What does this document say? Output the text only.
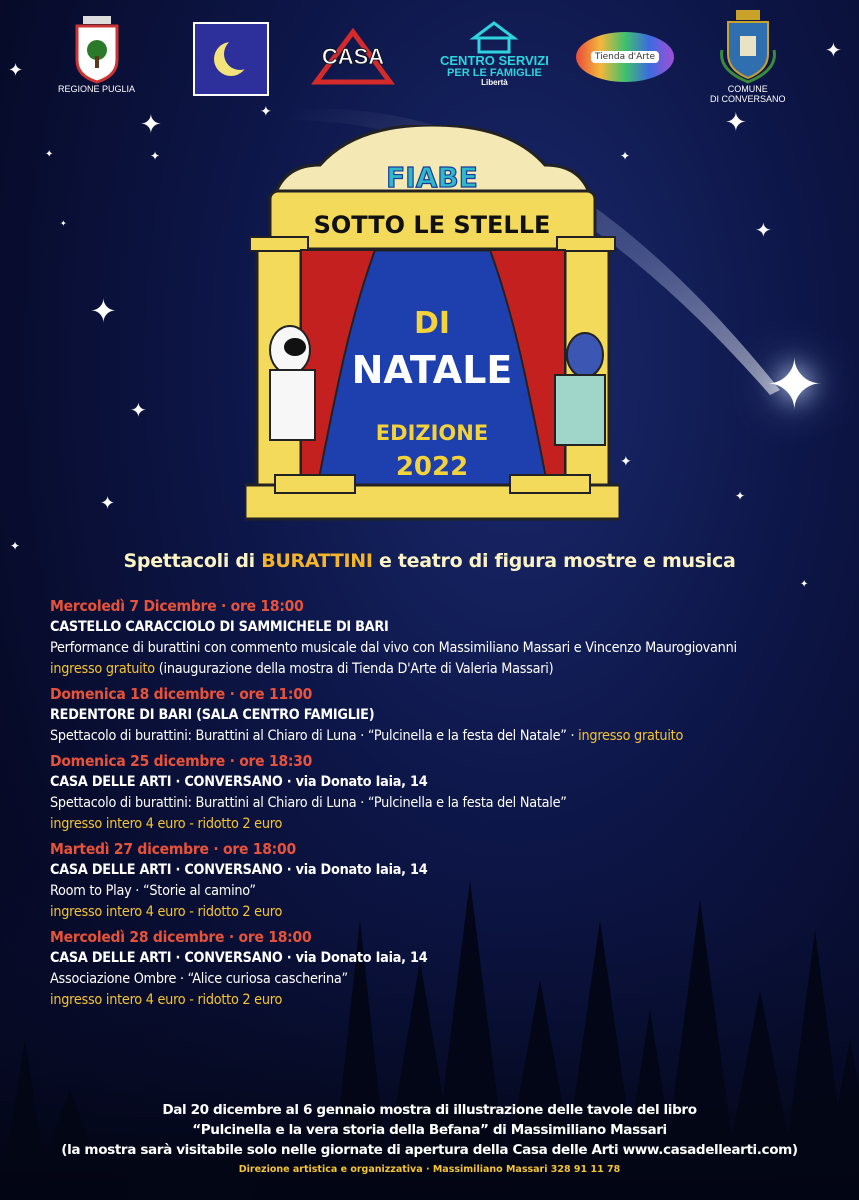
✦
✦	✦
✦	✦
✦
✦
✦
✦
✦
✦
✦
✦
✦
✦
✦
✦
✦
REGIONE PUGLIA
CASA	CENTRO SERVIZI
PER LE FAMIGLIE
Libertà
Tienda d'Arte
COMUNE
DI CONVERSANO
FIABE
SOTTO LE STELLE
DI
NATALE
EDIZIONE
2022
Spettacoli di BURATTINI e teatro di figura mostre e musica
Mercoledì 7 Dicembre · ore 18:00
CASTELLO CARACCIOLO DI SAMMICHELE DI BARI
Performance di burattini con commento musicale dal vivo con Massimiliano Massari e Vincenzo Maurogiovanni
ingresso gratuito (inaugurazione della mostra di Tienda D'Arte di Valeria Massari)
Domenica 18 dicembre · ore 11:00
REDENTORE DI BARI (SALA CENTRO FAMIGLIE)
Spettacolo di burattini: Burattini al Chiaro di Luna · “Pulcinella e la festa del Natale” · ingresso gratuito
Domenica 25 dicembre · ore 18:30
CASA DELLE ARTI · CONVERSANO · via Donato Iaia, 14
Spettacolo di burattini: Burattini al Chiaro di Luna · “Pulcinella e la festa del Natale”
ingresso intero 4 euro - ridotto 2 euro
Martedì 27 dicembre · ore 18:00
CASA DELLE ARTI · CONVERSANO · via Donato Iaia, 14
Room to Play · “Storie al camino”
ingresso intero 4 euro - ridotto 2 euro
Mercoledì 28 dicembre · ore 18:00
CASA DELLE ARTI · CONVERSANO · via Donato Iaia, 14
Associazione Ombre · “Alice curiosa cascherina”
ingresso intero 4 euro - ridotto 2 euro
Dal 20 dicembre al 6 gennaio mostra di illustrazione delle tavole del libro
“Pulcinella e la vera storia della Befana” di Massimiliano Massari
(la mostra sarà visitabile solo nelle giornate di apertura della Casa delle Arti www.casadellearti.com)
Direzione artistica e organizzativa · Massimiliano Massari 328 91 11 78
